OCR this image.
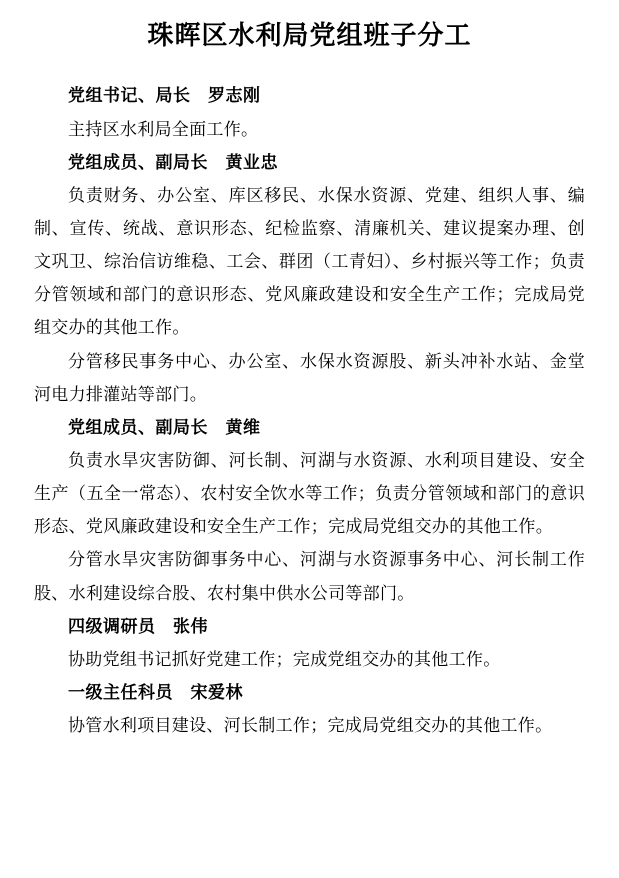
珠晖区水利局党组班子分工

党组书记、局长　罗志刚

主持区水利局全面工作。

党组成员、副局长　黄业忠

负责财务、办公室、库区移民、水保水资源、党建、组织人事、编制、宣传、统战、意识形态、纪检监察、清廉机关、建议提案办理、创文巩卫、综治信访维稳、工会、群团（工青妇）、乡村振兴等工作；负责分管领域和部门的意识形态、党风廉政建设和安全生产工作；完成局党组交办的其他工作。

分管移民事务中心、办公室、水保水资源股、新头冲补水站、金堂河电力排灌站等部门。

党组成员、副局长　黄维

负责水旱灾害防御、河长制、河湖与水资源、水利项目建设、安全生产（五全一常态）、农村安全饮水等工作；负责分管领域和部门的意识形态、党风廉政建设和安全生产工作；完成局党组交办的其他工作。

分管水旱灾害防御事务中心、河湖与水资源事务中心、河长制工作股、水利建设综合股、农村集中供水公司等部门。

四级调研员　张伟

协助党组书记抓好党建工作；完成党组交办的其他工作。

一级主任科员　宋爱林

协管水利项目建设、河长制工作；完成局党组交办的其他工作。
